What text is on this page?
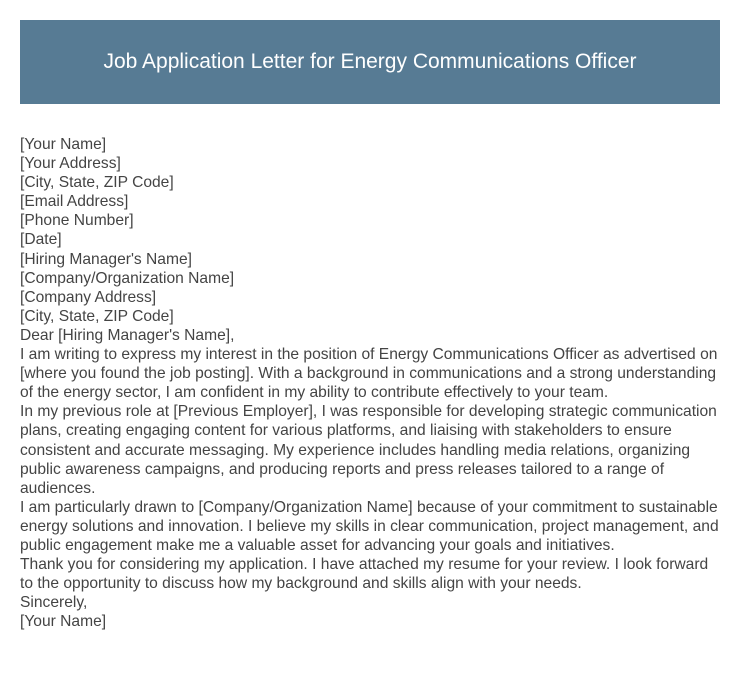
Job Application Letter for Energy Communications Officer

[Your Name]

[Your Address]

[City, State, ZIP Code]

[Email Address]

[Phone Number]

[Date]

[Hiring Manager's Name]

[Company/Organization Name]

[Company Address]

[City, State, ZIP Code]

Dear [Hiring Manager's Name],

I am writing to express my interest in the position of Energy Communications Officer as advertised on [where you found the job posting]. With a background in communications and a strong understanding of the energy sector, I am confident in my ability to contribute effectively to your team.

In my previous role at [Previous Employer], I was responsible for developing strategic communication plans, creating engaging content for various platforms, and liaising with stakeholders to ensure consistent and accurate messaging. My experience includes handling media relations, organizing public awareness campaigns, and producing reports and press releases tailored to a range of audiences.

I am particularly drawn to [Company/Organization Name] because of your commitment to sustainable energy solutions and innovation. I believe my skills in clear communication, project management, and public engagement make me a valuable asset for advancing your goals and initiatives.

Thank you for considering my application. I have attached my resume for your review. I look forward to the opportunity to discuss how my background and skills align with your needs.

Sincerely,

[Your Name]
